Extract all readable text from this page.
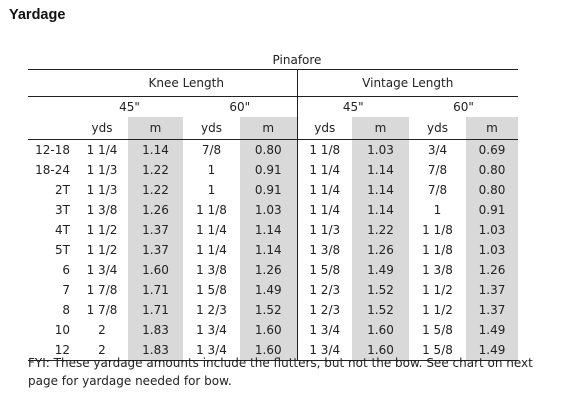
Yardage
	Pinafore							
	Knee Length				Vintage Length			
	45"		60"		45"		60"	
	yds	m	yds	m	yds	m	yds	m
12-18	1 1/4	1.14	7/8	0.80	1 1/8	1.03	3/4	0.69
18-24	1 1/3	1.22	1	0.91	1 1/4	1.14	7/8	0.80
2T	1 1/3	1.22	1	0.91	1 1/4	1.14	7/8	0.80
3T	1 3/8	1.26	1 1/8	1.03	1 1/4	1.14	1	0.91
4T	1 1/2	1.37	1 1/4	1.14	1 1/3	1.22	1 1/8	1.03
5T	1 1/2	1.37	1 1/4	1.14	1 3/8	1.26	1 1/8	1.03
6	1 3/4	1.60	1 3/8	1.26	1 5/8	1.49	1 3/8	1.26
7	1 7/8	1.71	1 5/8	1.49	1 2/3	1.52	1 1/2	1.37
8	1 7/8	1.71	1 2/3	1.52	1 2/3	1.52	1 1/2	1.37
10	2	1.83	1 3/4	1.60	1 3/4	1.60	1 5/8	1.49
12	2	1.83	1 3/4	1.60	1 3/4	1.60	1 5/8	1.49
FYI: These yardage amounts include the flutters, but not the bow. See chart on next page for yardage needed for bow.
